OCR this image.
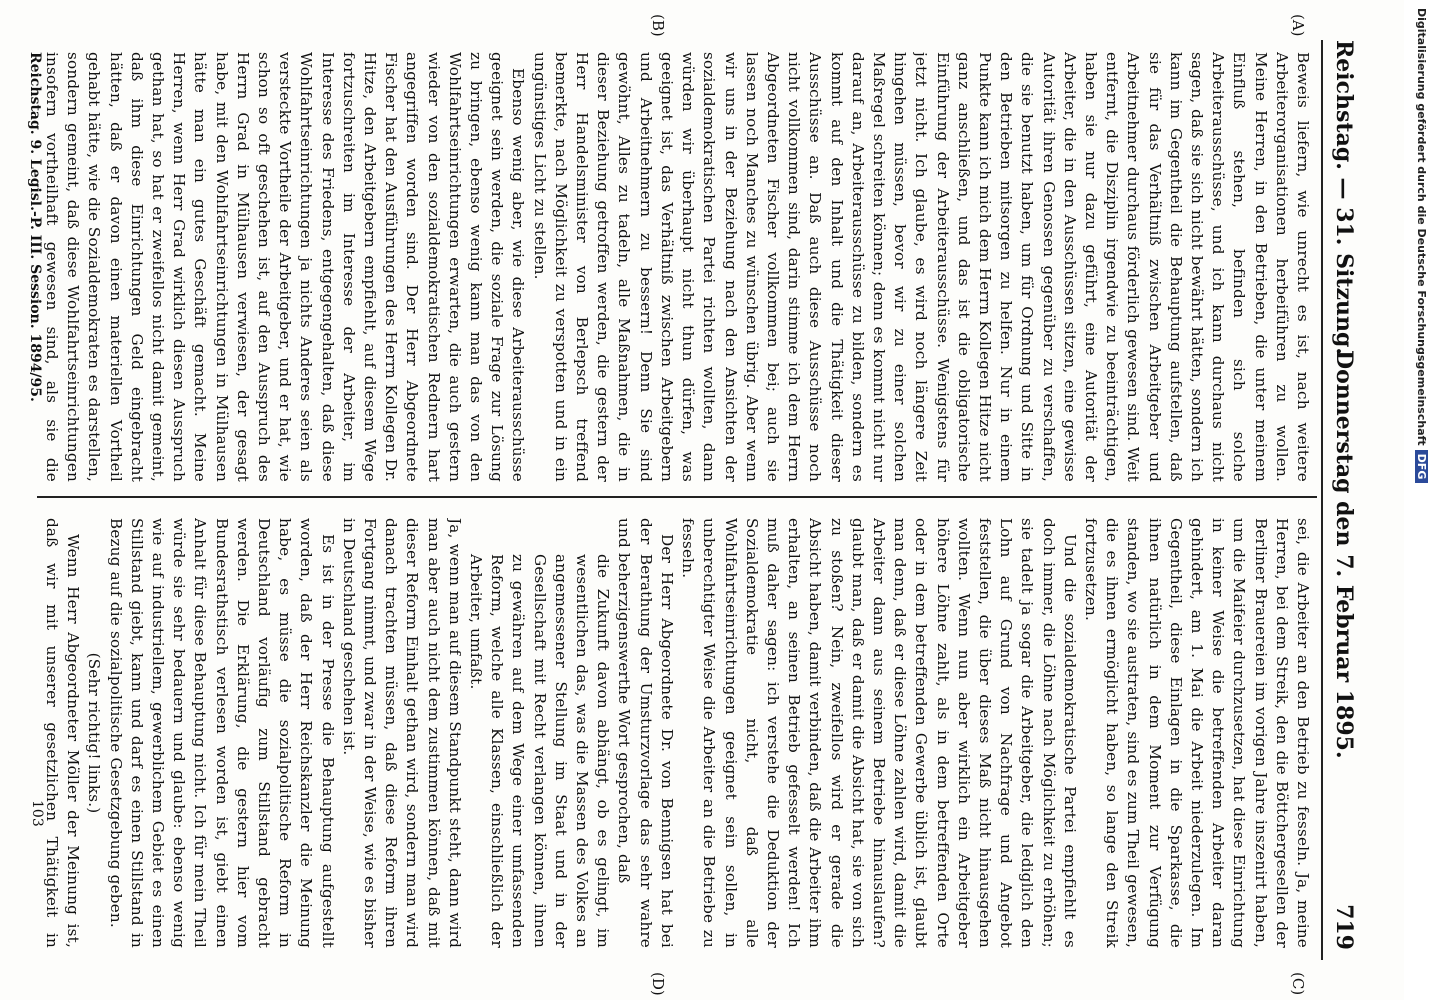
Reichstag. — 31. Sitzung.
Donnerstag den 7. Februar 1895.
719
(A)
(B)
(C)
(D)

Beweis liefern, wie unrecht es ist, nach weitere Arbeiterorganisationen herbeiführen zu wollen. Meine Herren, in den Betrieben, die unter meinem Einfluß stehen, befinden sich solche Arbeiterausschüsse, und ich kann durchaus nicht sagen, daß sie sich nicht bewährt hätten, sondern ich kann im Gegentheil die Behauptung aufstellen, daß sie für das Verhältniß zwischen Arbeitgeber und Arbeitnehmer durchaus förderlich gewesen sind. Weit entfernt, die Disziplin irgendwie zu beeinträchtigen, haben sie nur dazu geführt, eine Autorität der Arbeiter, die in den Ausschüssen sitzen, eine gewisse Autorität ihren Genossen gegenüber zu verschaffen, die sie benutzt haben, um für Ordnung und Sitte in den Betrieben mitsorgen zu helfen. Nur in einem Punkte kann ich mich dem Herrn Kollegen Hitze nicht ganz anschließen, und das ist die obligatorische Einführung der Arbeiterausschüsse. Wenigstens für jetzt nicht. Ich glaube, es wird noch längere Zeit hingehen müssen, bevor wir zu einer solchen Maßregel schreiten können; denn es kommt nicht nur darauf an, Arbeiterausschüsse zu bilden, sondern es kommt auf den Inhalt und die Thätigkeit dieser Ausschüsse an. Daß auch diese Ausschüsse noch nicht vollkommen sind, darin stimme ich dem Herrn Abgeordneten Fischer vollkommen bei; auch sie lassen noch Manches zu wünschen übrig. Aber wenn wir uns in der Beziehung nach den Ansichten der sozialdemokratischen Partei richten wollten, dann würden wir überhaupt nicht thun dürfen, was geeignet ist, das Verhältniß zwischen Arbeitgebern und Arbeitnehmern zu bessern! Denn Sie sind gewöhnt, Alles zu tadeln, alle Maßnahmen, die in dieser Beziehung getroffen werden, die gestern der Herr Handelsminister von Berlepsch treffend bemerkte, nach Möglichkeit zu verspotten und in ein ungünstiges Licht zu stellen.

Ebenso wenig aber, wie diese Arbeiterausschüsse geeignet sein werden, die soziale Frage zur Lösung zu bringen, ebenso wenig kann man das von den Wohlfahrtseinrichtungen erwarten, die auch gestern wieder von den sozialdemokratischen Rednern hart angegriffen worden sind. Der Herr Abgeordnete Fischer hat den Ausführungen des Herrn Kollegen Dr. Hitze, den Arbeitgebern empfiehlt, auf diesem Wege fortzuschreiten im Interesse der Arbeiter, im Interesse des Friedens, entgegengehalten, daß diese Wohlfahrtseinrichtungen ja nichts Anderes seien als versteckte Vortheile der Arbeitgeber, und er hat, wie schon so oft geschehen ist, auf den Ausspruch des Herrn Grad in Mülhausen verwiesen, der gesagt habe, mit den Wohlfahrtseinrichtungen in Mülhausen hätte man ein gutes Geschäft gemacht. Meine Herren, wenn Herr Grad wirklich diesen Ausspruch gethan hat, so hat er zweifellos nicht damit gemeint, daß ihm diese Einrichtungen Geld eingebracht hätten, daß er davon einen materiellen Vortheil gehabt hätte, wie die Sozialdemokraten es darstellen, sondern gemeint, daß diese Wohlfahrtseinrichtungen insofern vortheilhaft gewesen sind, als sie die

sei, die Arbeiter an den Betrieb zu fesseln. Ja, meine Herren, bei dem Streik, den die Böttchergesellen der Berliner Brauereien im vorigen Jahre inszenirt haben, um die Maifeier durchzusetzen, hat diese Einrichtung in keiner Weise die betreffenden Arbeiter daran gehindert, am 1. Mai die Arbeit niederzulegen. Im Gegentheil, diese Einlagen in die Sparkasse, die ihnen natürlich in dem Moment zur Verfügung standen, wo sie austraten, sind es zum Theil gewesen, die es ihnen ermöglicht haben, so lange den Streik fortzusetzen.

Und die sozialdemokratische Partei empfiehlt es doch immer, die Löhne nach Möglichkeit zu erhöhen; sie tadelt ja sogar die Arbeitgeber, die lediglich den Lohn auf Grund von Nachfrage und Angebot feststellen, die über dieses Maß nicht hinausgehen wollten. Wenn nun aber wirklich ein Arbeitgeber höhere Löhne zahlt, als in dem betreffenden Orte oder in dem betreffenden Gewerbe üblich ist, glaubt man denn, daß er diese Löhne zahlen wird, damit die Arbeiter dann aus seinem Betriebe hinauslaufen? glaubt man, daß er damit die Absicht hat, sie von sich zu stoßen? Nein, zweifellos wird er gerade die Absicht haben, damit verbinden, daß die Arbeiter ihm erhalten, an seinen Betrieb gefesselt werden! Ich muß daher sagen: ich verstehe die Deduktion der Sozialdemokratie nicht, daß alle Wohlfahrtseinrichtungen geeignet sein sollen, in unberechtigter Weise die Arbeiter an die Betriebe zu fesseln.

Der Herr Abgeordnete Dr. von Bennigsen hat bei der Berathung der Umsturzvorlage das sehr wahre und beherzigenswerthe Wort gesprochen, daß

die Zukunft davon abhängt, ob es gelingt, im wesentlichen das, was die Massen des Volkes an angemessener Stellung im Staat und in der Gesellschaft mit Recht verlangen können, ihnen zu gewähren auf dem Wege einer umfassenden Reform, welche alle Klassen, einschließlich der Arbeiter, umfaßt.

Ja, wenn man auf diesem Standpunkt steht, dann wird man aber auch nicht dem zustimmen können, daß mit dieser Reform Einhalt gethan wird, sondern man wird danach trachten müssen, daß diese Reform ihren Fortgang nimmt, und zwar in der Weise, wie es bisher in Deutschland geschehen ist.

Es ist in der Presse die Behauptung aufgestellt worden, daß der Herr Reichskanzler die Meinung habe, es müsse die sozialpolitische Reform in Deutschland vorläufig zum Stillstand gebracht werden. Die Erklärung, die gestern hier vom Bundesrathstisch verlesen worden ist, giebt einen Anhalt für diese Behauptung nicht. Ich für mein Theil würde sie sehr bedauern und glaube: ebenso wenig wie auf industriellem, gewerblichem Gebiet es einen Stillstand giebt, kann und darf es einen Stillstand in Bezug auf die sozialpolitische Gesetzgebung geben.

(Sehr richtig! links.)

Wenn Herr Abgeordneter Möller der Meinung ist, daß wir mit unserer gesetzlichen Thätigkeit in

Reichstag. 9. Legisl.-P. III. Session. 1894/95.
103
Digitalisierung gefördert durch die Deutsche ForschungsgemeinschaftDFG
